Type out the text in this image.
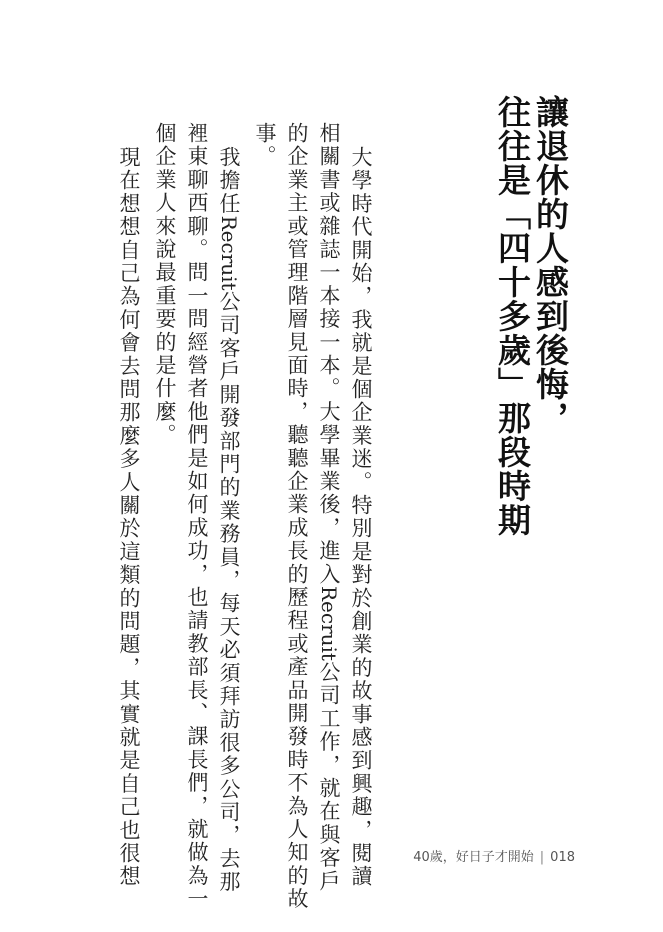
讓退休的人感到後悔，
往往是「四十多歲」那段時期
大學時代開始，我就是個企業迷。特別是對於創業的故事感到興趣，閱讀
相關書或雜誌一本接一本。大學畢業後，進入Recruit公司工作，就在與客戶
的企業主或管理階層見面時，聽聽企業成長的歷程或產品開發時不為人知的故
事。
我擔任Recruit公司客戶開發部門的業務員，每天必須拜訪很多公司，去那
裡東聊西聊。問一問經營者他們是如何成功，也請教部長、課長們，就做為一
個企業人來說最重要的是什麼。
現在想想自己為何會去問那麼多人關於這類的問題，其實就是自己也很想	40歲，好日子才開始 | 018
